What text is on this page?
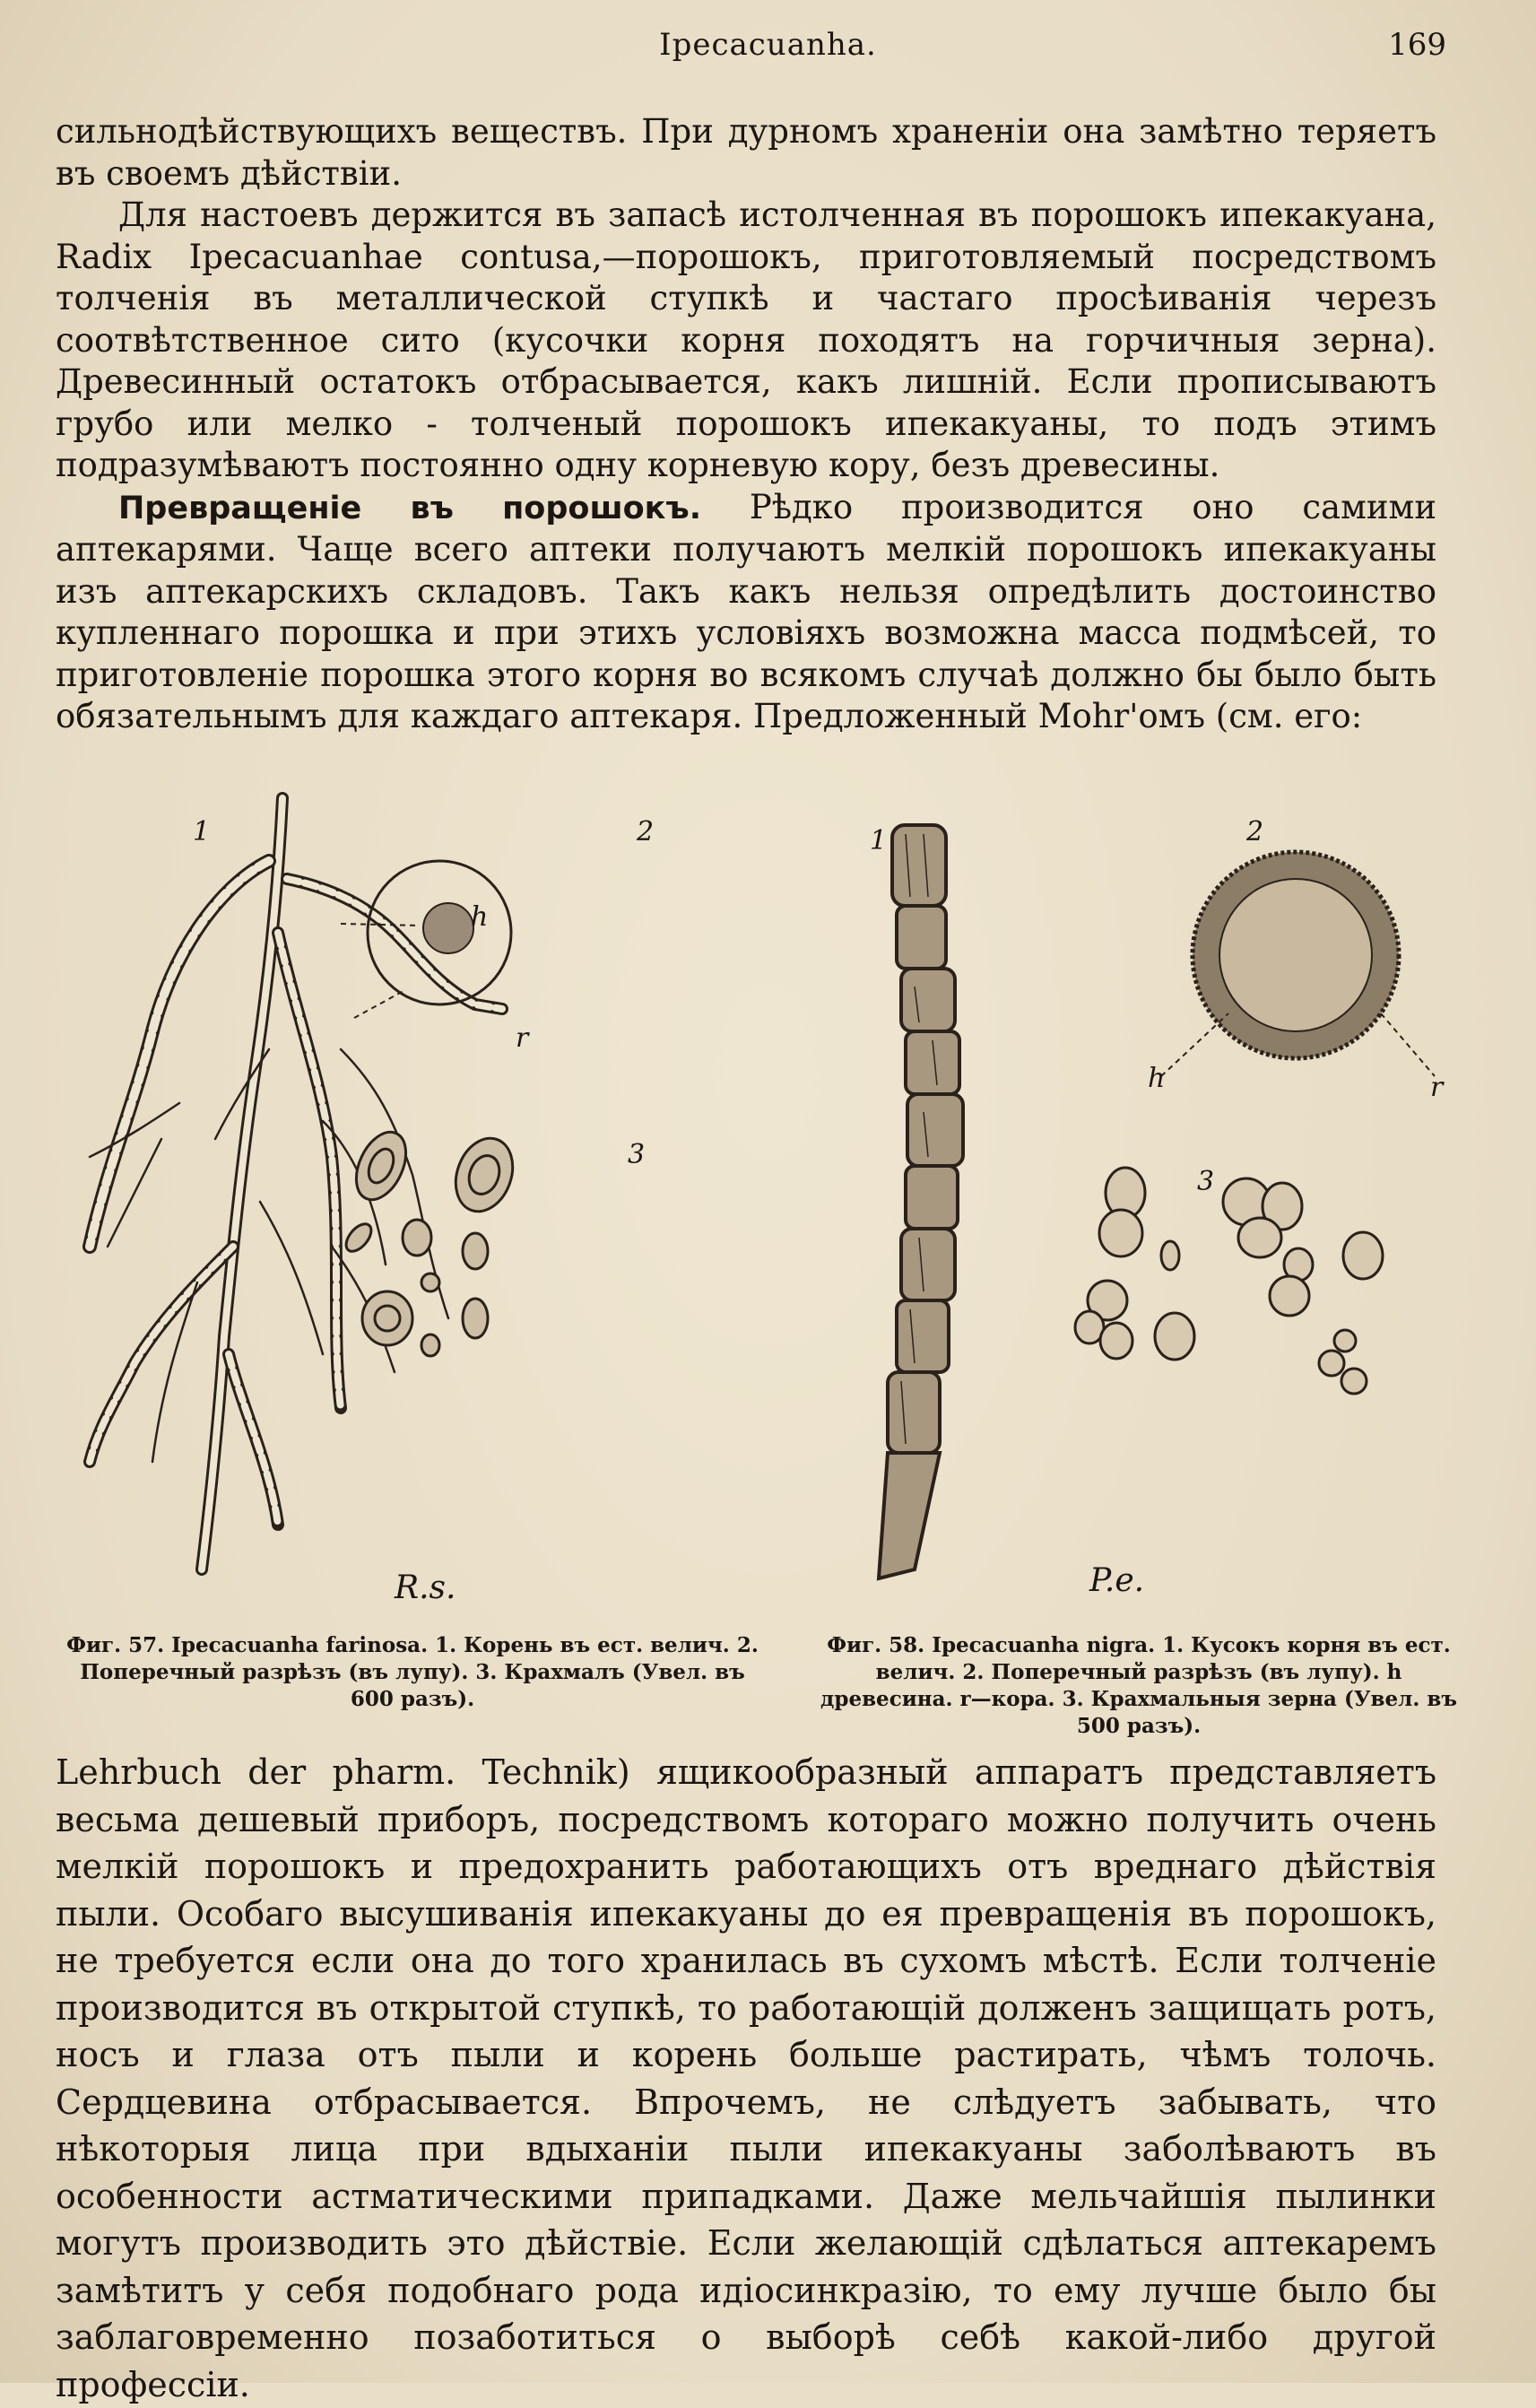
Ipecacuanha.	169

сильнодѣйствующихъ веществъ. При дурномъ храненіи она замѣтно теряетъ въ своемъ дѣйствіи.

Для настоевъ держится въ запасѣ истолченная въ порошокъ ипекакуана, Radix Ipecacuanhae contusa,—порошокъ, приготовляемый посредствомъ толченія въ металлической ступкѣ и частаго просѣиванія черезъ соотвѣтственное сито (кусочки корня походятъ на горчичныя зерна). Древесинный остатокъ отбрасывается, какъ лишній. Если прописываютъ грубо или мелко - толченый порошокъ ипекакуаны, то подъ этимъ подразумѣваютъ постоянно одну корневую кору, безъ древесины.

Превращеніе въ порошокъ. Рѣдко производится оно самими аптекарями. Чаще всего аптеки получаютъ мелкій порошокъ ипекакуаны изъ аптекарскихъ складовъ. Такъ какъ нельзя опредѣлить достоинство купленнаго порошка и при этихъ условіяхъ возможна масса подмѣсей, то приготовленіе порошка этого корня во всякомъ случаѣ должно бы было быть обязательнымъ для каждаго аптекаря. Предложенный Mohr'омъ (см. его:

1	2
3
h
r
R.s.
Фиг. 57. Ipecacuanha farinosa. 1. Корень въ ест. велич. 2. Поперечный разрѣзъ (въ лупу). 3. Крахмалъ (Увел. въ 600 разъ).
1	2
3
h	r
P.e.
Фиг. 58. Ipecacuanha nigra. 1. Кусокъ корня въ ест. велич. 2. Поперечный разрѣзъ (въ лупу). h древесина. r—кора. 3. Крахмальныя зерна (Увел. въ 500 разъ).

Lehrbuch der pharm. Technik) ящикообразный аппаратъ представляетъ весьма дешевый приборъ, посредствомъ котораго можно получить очень мелкій порошокъ и предохранить работающихъ отъ вреднаго дѣйствія пыли. Особаго высушиванія ипекакуаны до ея превращенія въ порошокъ, не требуется если она до того хранилась въ сухомъ мѣстѣ. Если толченіе производится въ открытой ступкѣ, то работающій долженъ защищать ротъ, носъ и глаза отъ пыли и корень больше растирать, чѣмъ толочь. Сердцевина отбрасывается. Впрочемъ, не слѣдуетъ забывать, что нѣкоторыя лица при вдыханіи пыли ипекакуаны заболѣваютъ въ особенности астматическими припадками. Даже мельчайшія пылинки могутъ производить это дѣйствіе. Если желающій сдѣлаться аптекаремъ замѣтитъ у себя подобнаго рода идіосинкразію, то ему лучше было бы заблаговременно позаботиться о выборѣ себѣ какой-либо другой профессіи.
